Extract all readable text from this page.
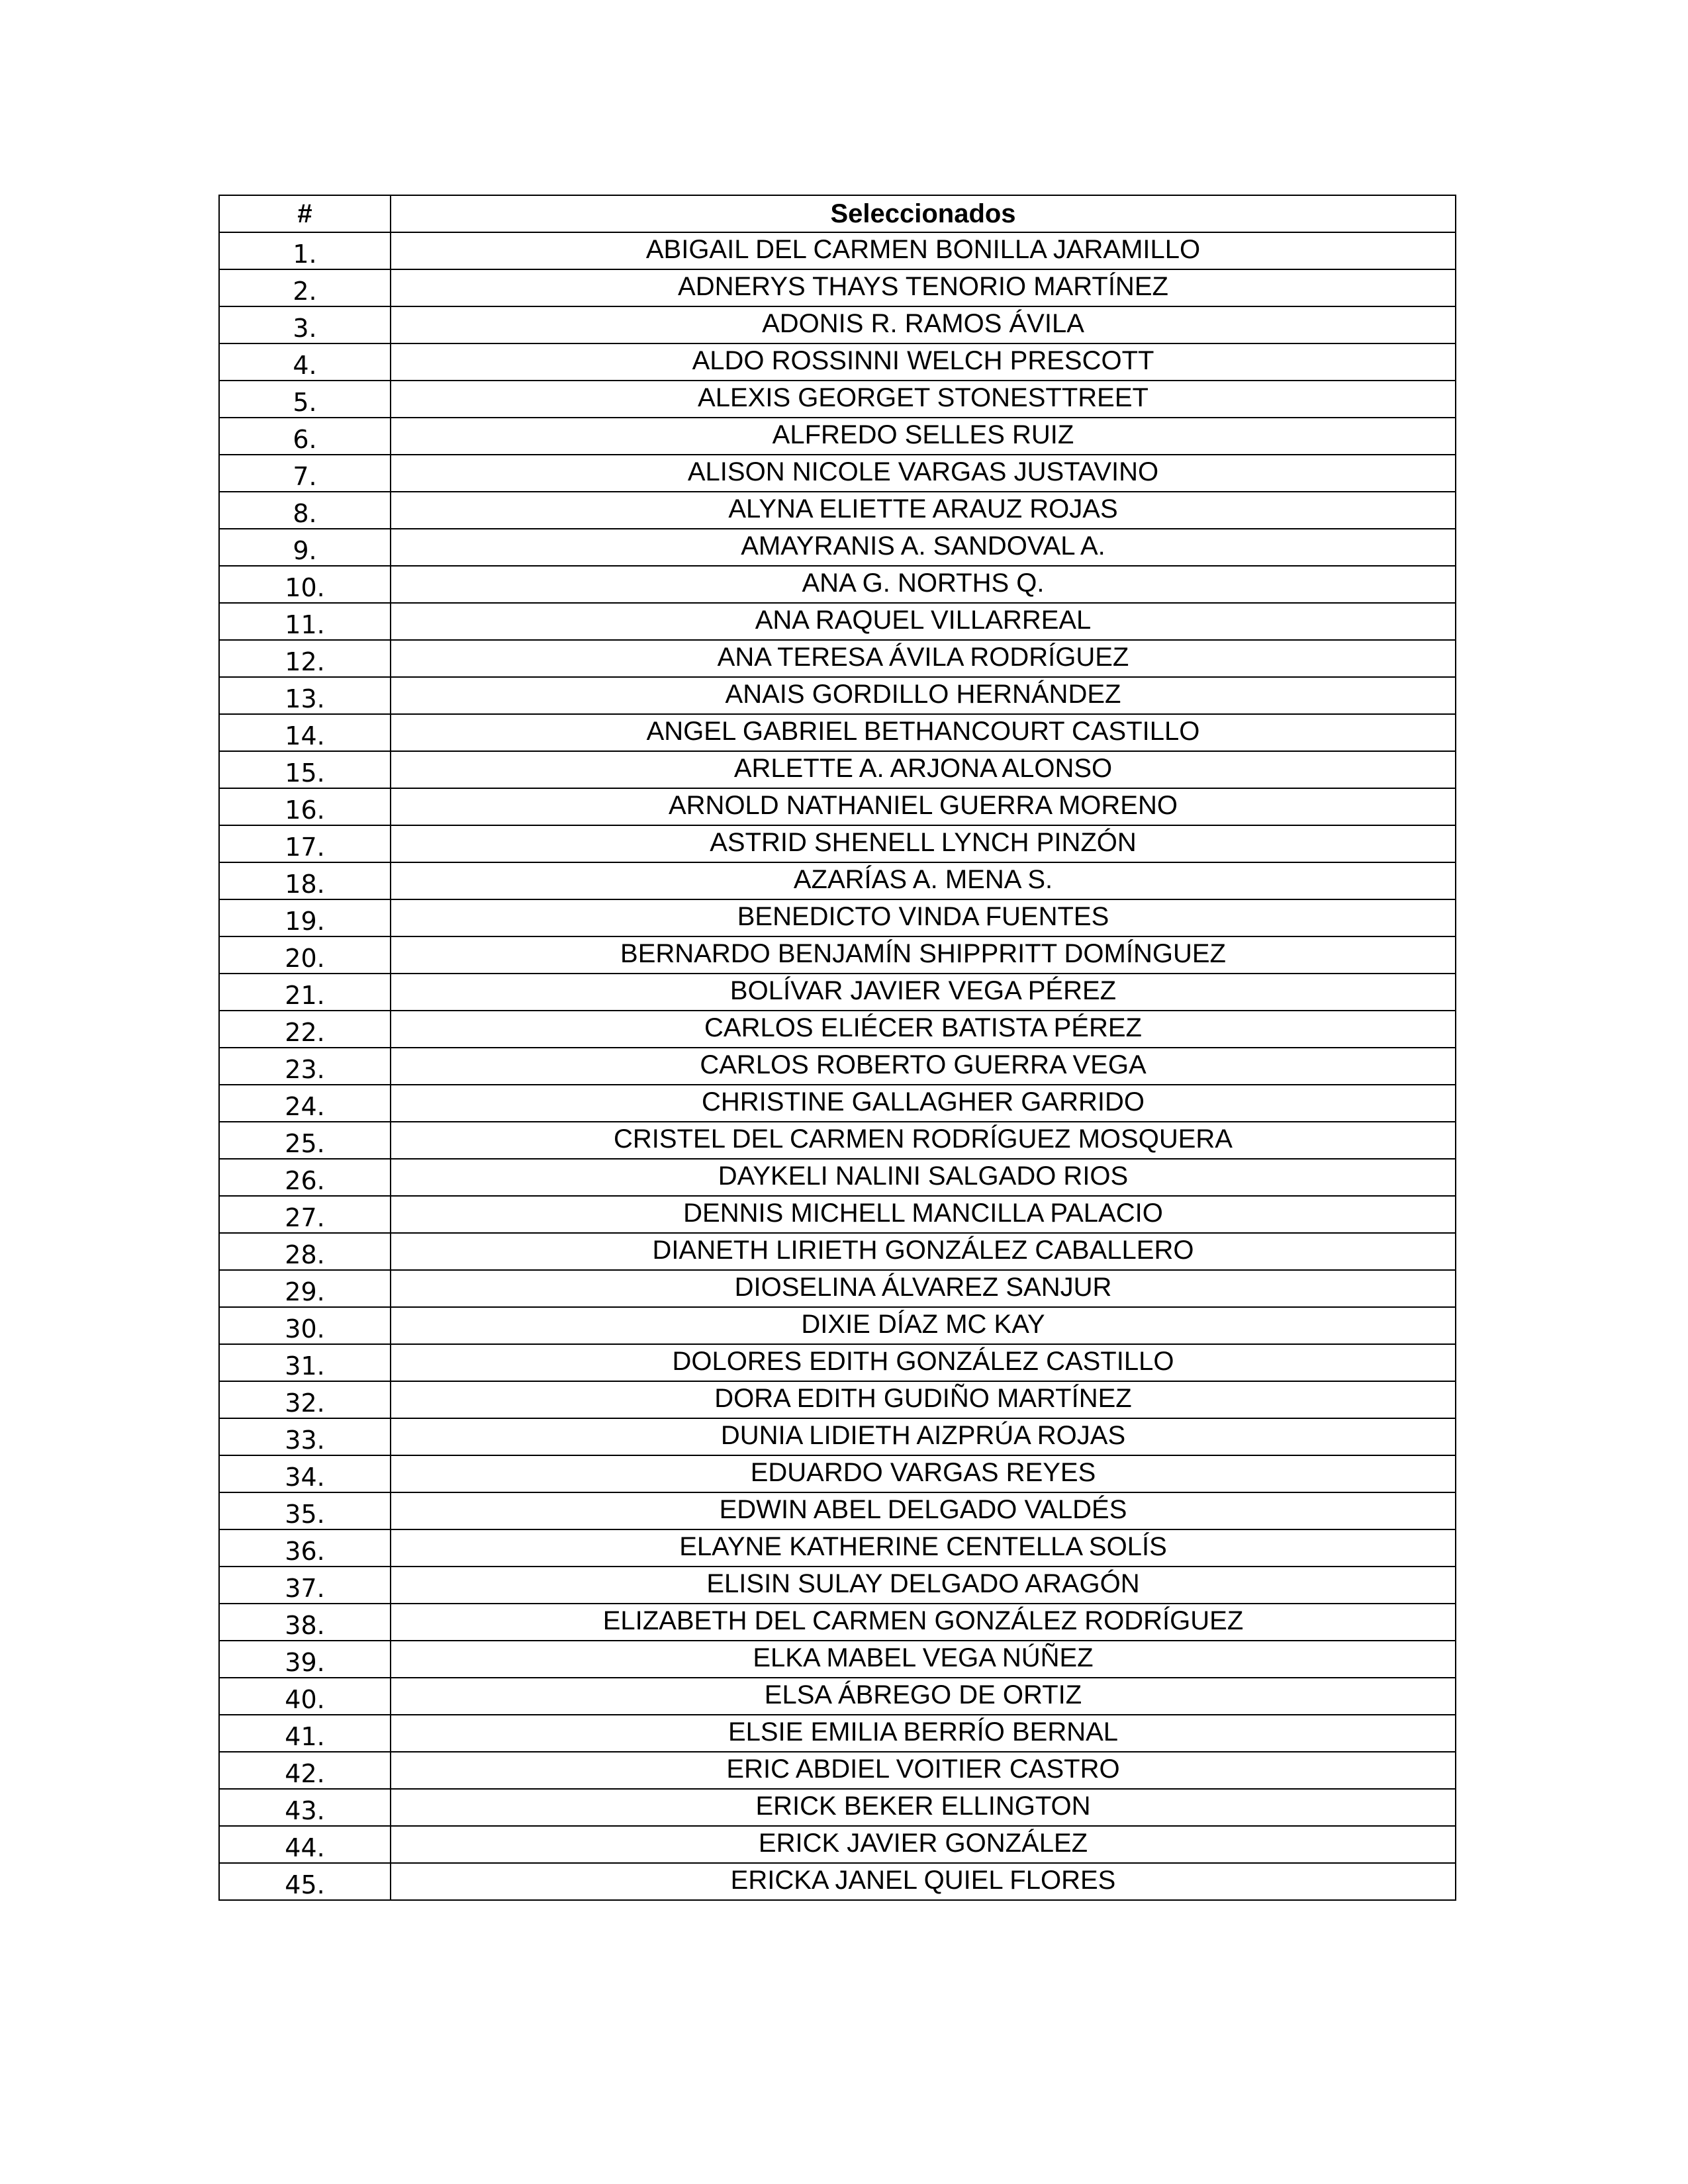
#	Seleccionados
1.	ABIGAIL DEL CARMEN BONILLA JARAMILLO
2.	ADNERYS THAYS TENORIO MARTÍNEZ
3.	ADONIS R. RAMOS ÁVILA
4.	ALDO ROSSINNI WELCH PRESCOTT
5.	ALEXIS GEORGET STONESTTREET
6.	ALFREDO SELLES RUIZ
7.	ALISON NICOLE VARGAS JUSTAVINO
8.	ALYNA ELIETTE ARAUZ ROJAS
9.	AMAYRANIS A. SANDOVAL A.
10.	ANA G. NORTHS Q.
11.	ANA RAQUEL VILLARREAL
12.	ANA TERESA ÁVILA RODRÍGUEZ
13.	ANAIS GORDILLO HERNÁNDEZ
14.	ANGEL GABRIEL BETHANCOURT CASTILLO
15.	ARLETTE A. ARJONA ALONSO
16.	ARNOLD NATHANIEL GUERRA MORENO
17.	ASTRID SHENELL LYNCH PINZÓN
18.	AZARÍAS A. MENA S.
19.	BENEDICTO VINDA FUENTES
20.	BERNARDO BENJAMÍN SHIPPRITT DOMÍNGUEZ
21.	BOLÍVAR JAVIER VEGA PÉREZ
22.	CARLOS ELIÉCER BATISTA PÉREZ
23.	CARLOS ROBERTO GUERRA VEGA
24.	CHRISTINE GALLAGHER GARRIDO
25.	CRISTEL DEL CARMEN RODRÍGUEZ MOSQUERA
26.	DAYKELI NALINI SALGADO RIOS
27.	DENNIS MICHELL MANCILLA PALACIO
28.	DIANETH LIRIETH GONZÁLEZ CABALLERO
29.	DIOSELINA ÁLVAREZ SANJUR
30.	DIXIE DÍAZ MC KAY
31.	DOLORES EDITH GONZÁLEZ CASTILLO
32.	DORA EDITH GUDIÑO MARTÍNEZ
33.	DUNIA LIDIETH AIZPRÚA ROJAS
34.	EDUARDO VARGAS REYES
35.	EDWIN ABEL DELGADO VALDÉS
36.	ELAYNE KATHERINE CENTELLA SOLÍS
37.	ELISIN SULAY DELGADO ARAGÓN
38.	ELIZABETH DEL CARMEN GONZÁLEZ RODRÍGUEZ
39.	ELKA MABEL VEGA NÚÑEZ
40.	ELSA ÁBREGO DE ORTIZ
41.	ELSIE EMILIA BERRÍO BERNAL
42.	ERIC ABDIEL VOITIER CASTRO
43.	ERICK BEKER ELLINGTON
44.	ERICK JAVIER GONZÁLEZ
45.	ERICKA JANEL QUIEL FLORES
